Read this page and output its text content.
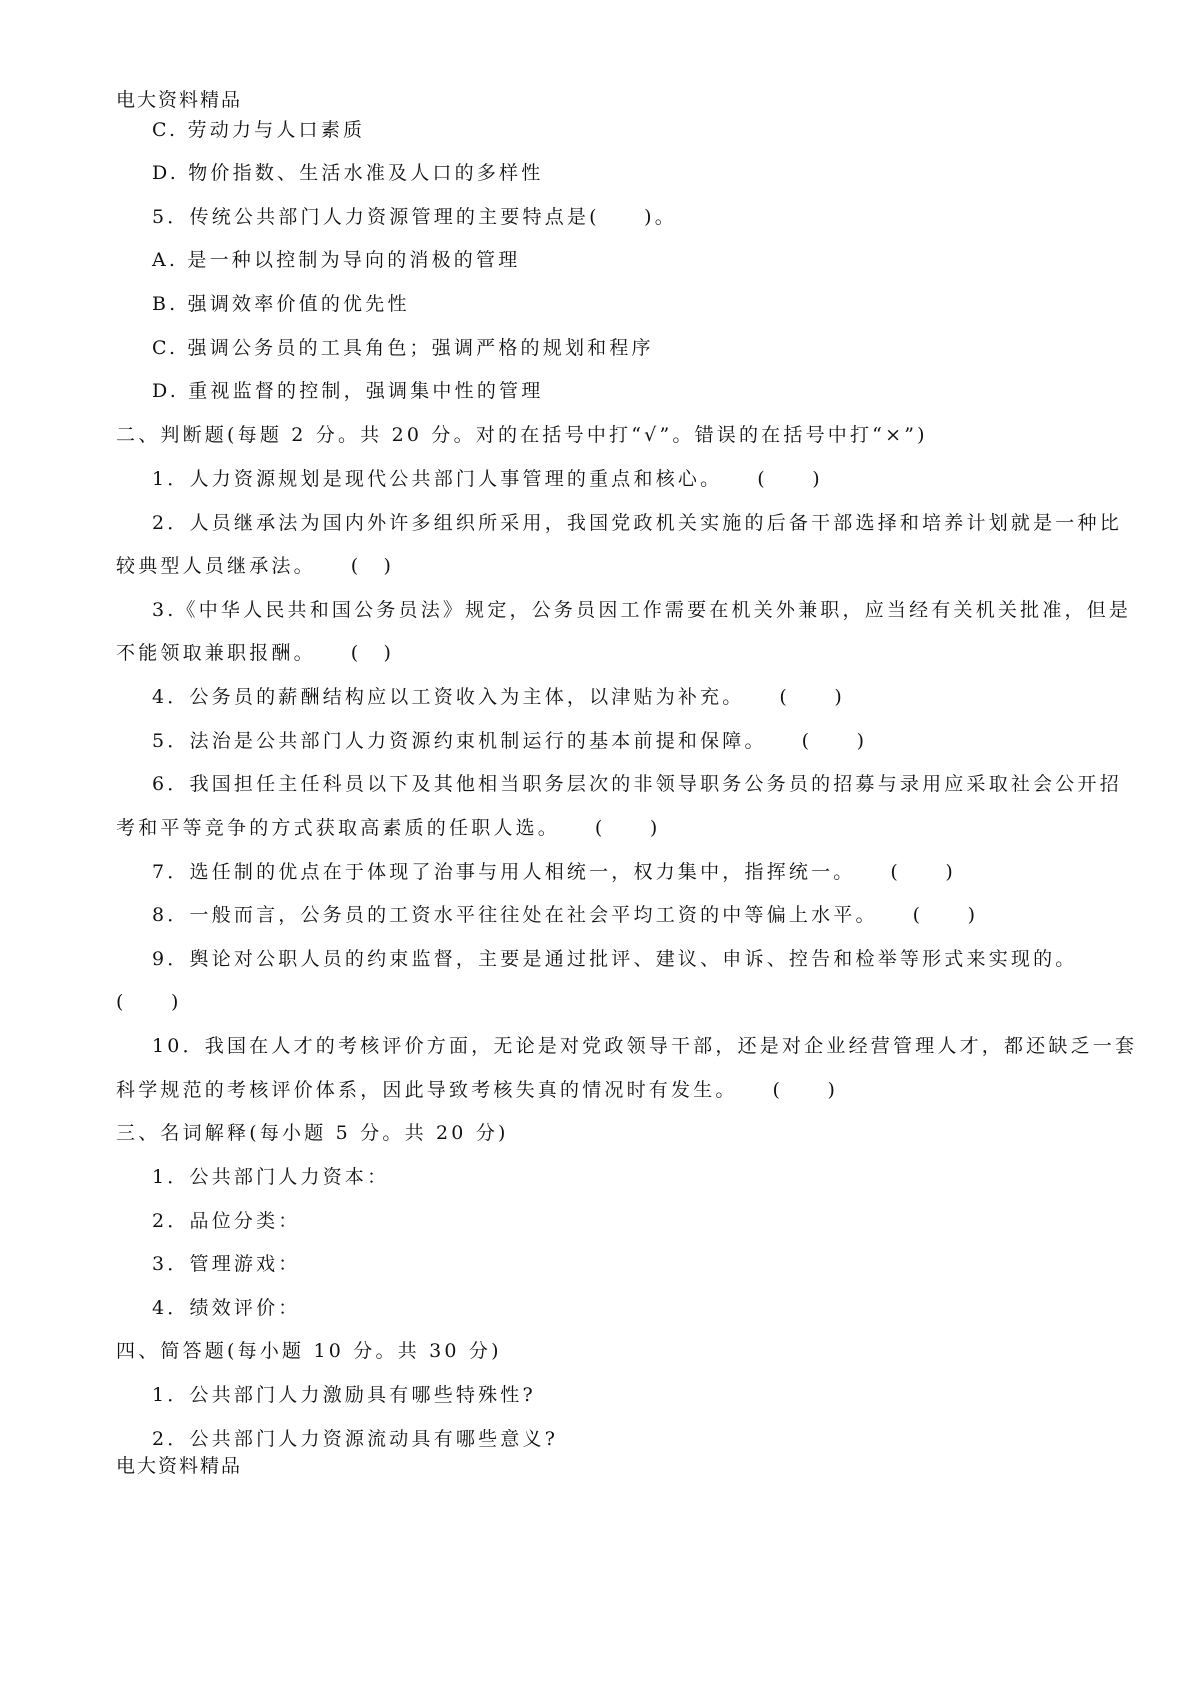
电大资料精品
C. 劳动力与人口素质
D. 物价指数、生活水准及人口的多样性
5．传统公共部门人力资源管理的主要特点是(　　)。
A. 是一种以控制为导向的消极的管理
B. 强调效率价值的优先性
C. 强调公务员的工具角色；强调严格的规划和程序
D. 重视监督的控制，强调集中性的管理
二、判断题(每题 2 分。共 20 分。对的在括号中打“√”。错误的在括号中打“×”)
1．人力资源规划是现代公共部门人事管理的重点和核心。　　(　　)
2．人员继承法为国内外许多组织所采用，我国党政机关实施的后备干部选择和培养计划就是一种比
较典型人员继承法。　　(　)
3.《中华人民共和国公务员法》规定，公务员因工作需要在机关外兼职，应当经有关机关批准，但是
不能领取兼职报酬。　　(　)
4．公务员的薪酬结构应以工资收入为主体，以津贴为补充。　　(　　)
5．法治是公共部门人力资源约束机制运行的基本前提和保障。　　(　　)
6．我国担任主任科员以下及其他相当职务层次的非领导职务公务员的招募与录用应采取社会公开招
考和平等竞争的方式获取高素质的任职人选。　　(　　)
7．选任制的优点在于体现了治事与用人相统一，权力集中，指挥统一。　　(　　)
8．一般而言，公务员的工资水平往往处在社会平均工资的中等偏上水平。　　(　　)
9．舆论对公职人员的约束监督，主要是通过批评、建议、申诉、控告和检举等形式来实现的。
(　　)
10．我国在人才的考核评价方面，无论是对党政领导干部，还是对企业经营管理人才，都还缺乏一套
科学规范的考核评价体系，因此导致考核失真的情况时有发生。　　(　　)
三、名词解释(每小题 5 分。共 20 分)
1．公共部门人力资本：
2．品位分类：
3．管理游戏：
4．绩效评价：
四、简答题(每小题 10 分。共 30 分)
1．公共部门人力激励具有哪些特殊性?
2．公共部门人力资源流动具有哪些意义?
电大资料精品
